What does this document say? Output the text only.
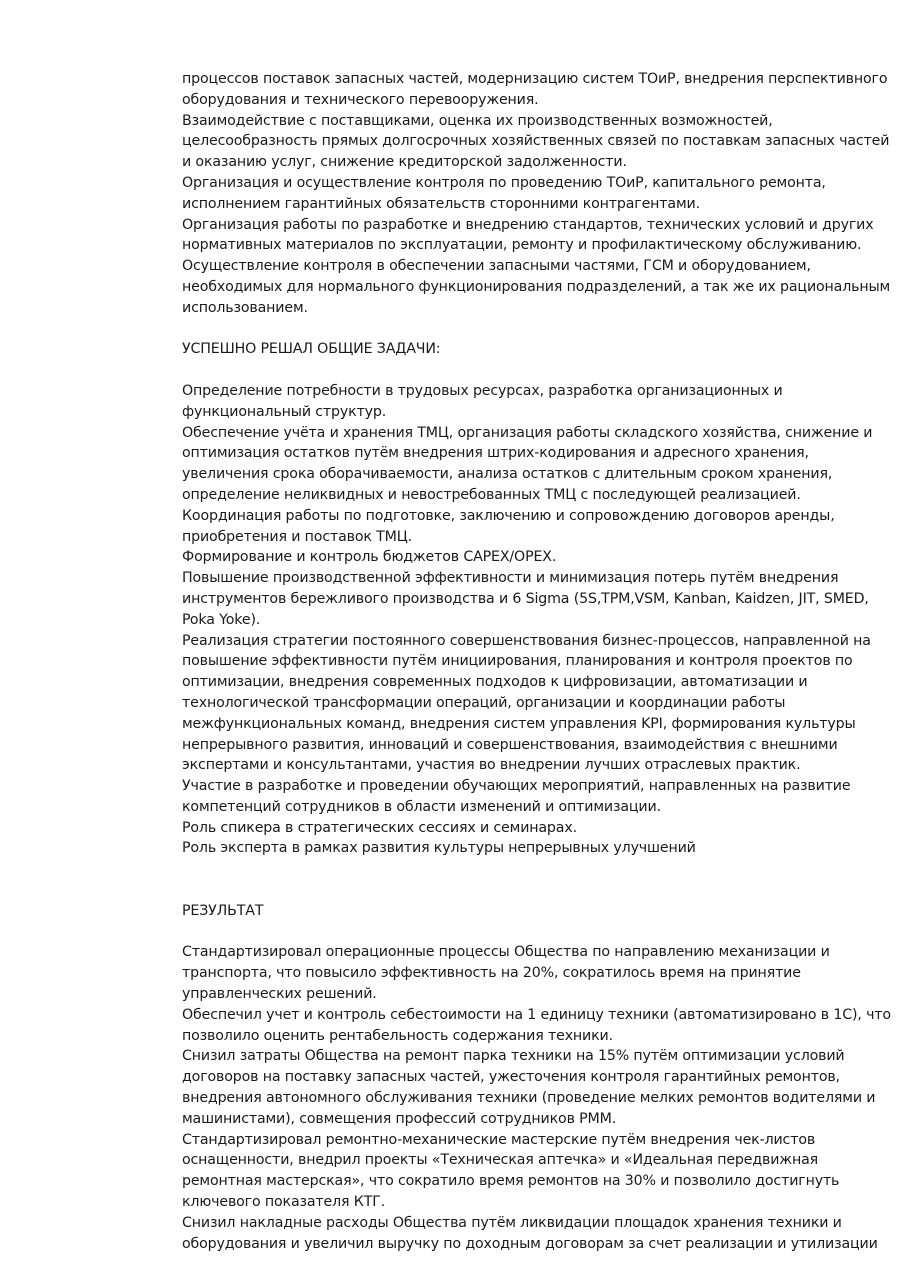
процессов поставок запасных частей, модернизацию систем ТОиР, внедрения перспективного
оборудования и технического перевооружения.
Взаимодействие с поставщиками, оценка их производственных возможностей,
целесообразность прямых долгосрочных хозяйственных связей по поставкам запасных частей
и оказанию услуг, снижение кредиторской задолженности.
Организация и осуществление контроля по проведению ТОиР, капитального ремонта,
исполнением гарантийных обязательств сторонними контрагентами.
Организация работы по разработке и внедрению стандартов, технических условий и других
нормативных материалов по эксплуатации, ремонту и профилактическому обслуживанию.
Осуществление контроля в обеспечении запасными частями, ГСМ и оборудованием,
необходимых для нормального функционирования подразделений, а так же их рациональным
использованием.
УСПЕШНО РЕШАЛ ОБЩИЕ ЗАДАЧИ:
Определение потребности в трудовых ресурсах, разработка организационных и
функциональный структур.
Обеспечение учёта и хранения ТМЦ, организация работы складского хозяйства, снижение и
оптимизация остатков путём внедрения штрих-кодирования и адресного хранения,
увеличения срока оборачиваемости, анализа остатков с длительным сроком хранения,
определение неликвидных и невостребованных ТМЦ с последующей реализацией.
Координация работы по подготовке, заключению и сопровождению договоров аренды,
приобретения и поставок ТМЦ.
Формирование и контроль бюджетов CAPEX/OPEX.
Повышение производственной эффективности и минимизация потерь путём внедрения
инструментов бережливого производства и 6 Sigma (5S,TPM,VSM, Kanban, Kaidzen, JIT, SMED,
Poka Yoke).
Реализация стратегии постоянного совершенствования бизнес-процессов, направленной на
повышение эффективности путём инициирования, планирования и контроля проектов по
оптимизации, внедрения современных подходов к цифровизации, автоматизации и
технологической трансформации операций, организации и координации работы
межфункциональных команд, внедрения систем управления KPI, формирования культуры
непрерывного развития, инноваций и совершенствования, взаимодействия с внешними
экспертами и консультантами, участия во внедрении лучших отраслевых практик.
Участие в разработке и проведении обучающих мероприятий, направленных на развитие
компетенций сотрудников в области изменений и оптимизации.
Роль спикера в стратегических сессиях и семинарах.
Роль эксперта в рамках развития культуры непрерывных улучшений
РЕЗУЛЬТАТ
Стандартизировал операционные процессы Общества по направлению механизации и
транспорта, что повысило эффективность на 20%, сократилось время на принятие
управленческих решений.
Обеспечил учет и контроль себестоимости на 1 единицу техники (автоматизировано в 1С), что
позволило оценить рентабельность содержания техники.
Снизил затраты Общества на ремонт парка техники на 15% путём оптимизации условий
договоров на поставку запасных частей, ужесточения контроля гарантийных ремонтов,
внедрения автономного обслуживания техники (проведение мелких ремонтов водителями и
машинистами), совмещения профессий сотрудников РММ.
Стандартизировал ремонтно-механические мастерские путём внедрения чек-листов
оснащенности, внедрил проекты «Техническая аптечка» и «Идеальная передвижная
ремонтная мастерская», что сократило время ремонтов на 30% и позволило достигнуть
ключевого показателя КТГ.
Снизил накладные расходы Общества путём ликвидации площадок хранения техники и
оборудования и увеличил выручку по доходным договорам за счет реализации и утилизации
